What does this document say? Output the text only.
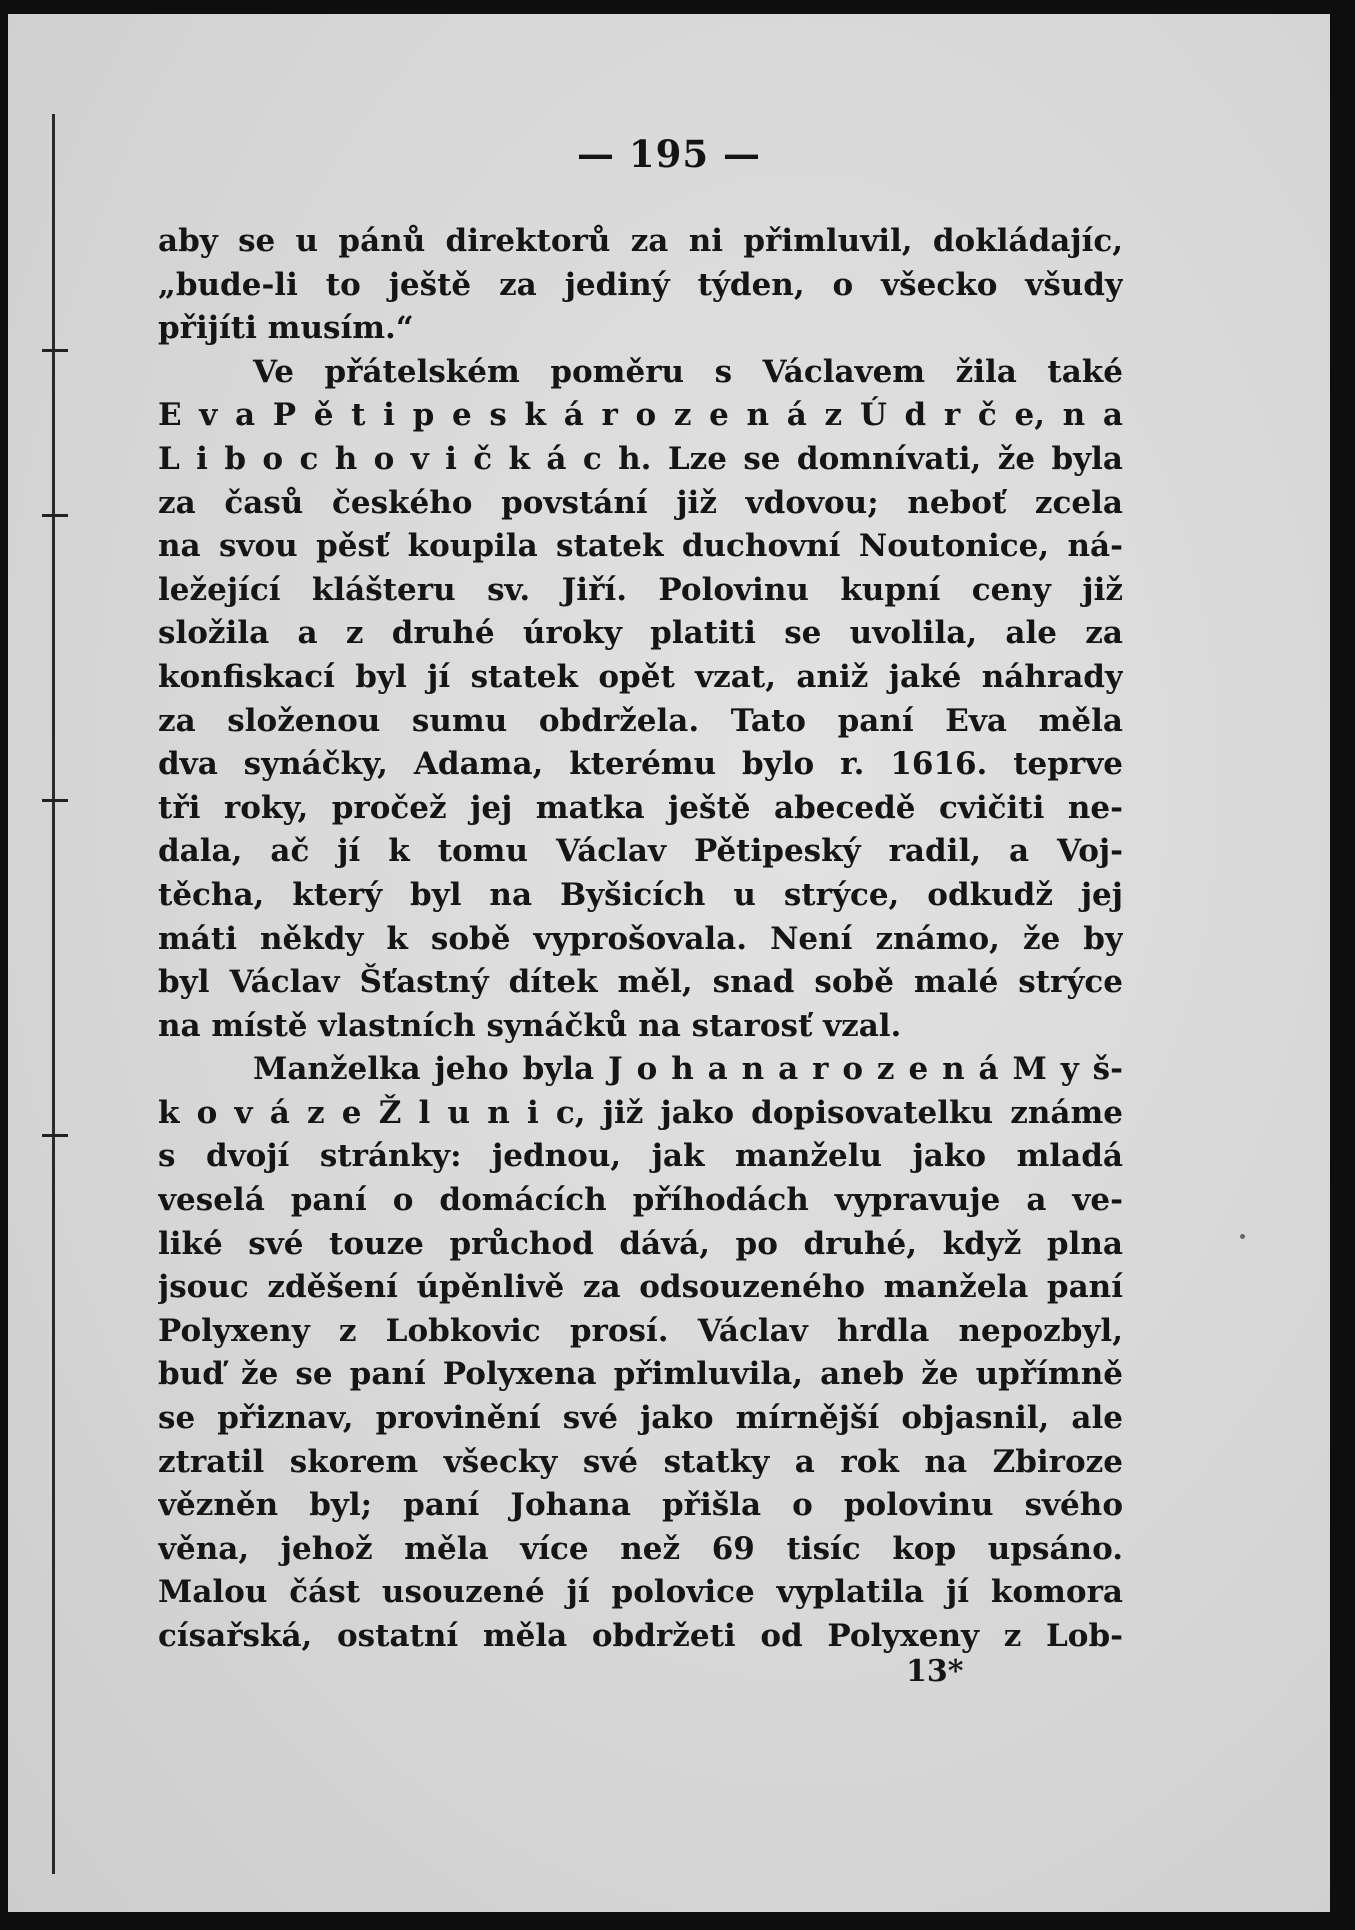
— 195 —
aby se u pánů direktorů za ni přimluvil, dokládajíc,
„bude-li to ještě za jediný týden, o všecko všudy
přijíti musím.“
Ve přátelském poměru s Václavem žila také
E v a P ě t i p e s k á r o z e n á z Ú d r č e, n a
L i b o c h o v i č k á c h. Lze se domnívati, že byla
za časů českého povstání již vdovou; neboť zcela
na svou pěsť koupila statek duchovní Noutonice, ná-
ležející klášteru sv. Jiří. Polovinu kupní ceny již
složila a z druhé úroky platiti se uvolila, ale za
konfiskací byl jí statek opět vzat, aniž jaké náhrady
za složenou sumu obdržela. Tato paní Eva měla
dva synáčky, Adama, kterému bylo r. 1616. teprve
tři roky, pročež jej matka ještě abecedě cvičiti ne-
dala, ač jí k tomu Václav Pětipeský radil, a Voj-
těcha, který byl na Byšicích u strýce, odkudž jej
máti někdy k sobě vyprošovala. Není známo, že by
byl Václav Šťastný dítek měl, snad sobě malé strýce
na místě vlastních synáčků na starosť vzal.
Manželka jeho byla J o h a n a r o z e n á M y š-
k o v á z e Ž l u n i c, již jako dopisovatelku známe
s dvojí stránky: jednou, jak manželu jako mladá
veselá paní o domácích příhodách vypravuje a ve-
liké své touze průchod dává, po druhé, když plna
jsouc zděšení úpěnlivě za odsouzeného manžela paní
Polyxeny z Lobkovic prosí. Václav hrdla nepozbyl,
buď že se paní Polyxena přimluvila, aneb že upřímně
se přiznav, provinění své jako mírnější objasnil, ale
ztratil skorem všecky své statky a rok na Zbiroze
vězněn byl; paní Johana přišla o polovinu svého
věna, jehož měla více než 69 tisíc kop upsáno.
Malou část usouzené jí polovice vyplatila jí komora
císařská, ostatní měla obdržeti od Polyxeny z Lob-
13*
